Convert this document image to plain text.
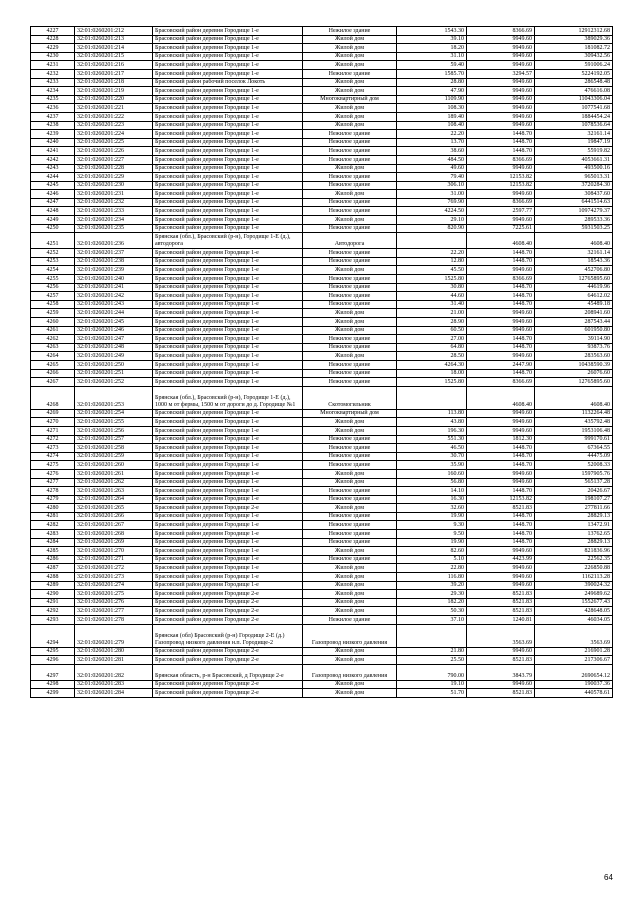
4227	32:01:0260201:212	Брасовский район деревня Городище 1-е	Нежилое здание	1543.30	8366.69	12912312.68
4228	32:01:0260201:213	Брасовский район деревня Городище 1-е	Жилой дом	39.10	9949.60	389029.36
4229	32:01:0260201:214	Брасовский район деревня Городище 1-е	Жилой дом	18.20	9949.60	181082.72
4230	32:01:0260201:215	Брасовский район деревня Городище 1-е	Жилой дом	31.10	9949.60	309432.56
4231	32:01:0260201:216	Брасовский район деревня Городище 1-е	Жилой дом	59.40	9949.60	591006.24
4232	32:01:0260201:217	Брасовский район деревня Городище 1-е	Нежилое здание	1585.70	3294.57	5224192.05
4233	32:01:0260201:218	Брасовский район рабочий поселок Локоть	Жилой дом	28.80	9949.60	286548.48
4234	32:01:0260201:219	Брасовский район деревня Городище 1-е	Жилой дом	47.90	9949.60	476616.08
4235	32:01:0260201:220	Брасовский район деревня Городище 1-е	Многоквартирный дом	1109.90	9949.60	11043306.04
4236	32:01:0260201:221	Брасовский район деревня Городище 1-е	Жилой дом	108.30	9949.60	1077541.68
4237	32:01:0260201:222	Брасовский район деревня Городище 1-е	Жилой дом	189.40	9949.60	1884454.24
4238	32:01:0260201:223	Брасовский район деревня Городище 1-е	Жилой дом	108.40	9949.60	1078536.64
4239	32:01:0260201:224	Брасовский район деревня Городище 1-е	Нежилое здание	22.20	1448.70	32161.14
4240	32:01:0260201:225	Брасовский район деревня Городище 1-е	Нежилое здание	13.70	1448.70	19847.19
4241	32:01:0260201:226	Брасовский район деревня Городище 1-е	Нежилое здание	38.60	1448.70	55919.82
4242	32:01:0260201:227	Брасовский район деревня Городище 1-е	Нежилое здание	484.50	8366.69	4053661.31
4243	32:01:0260201:228	Брасовский район деревня Городище 1-е	Жилой дом	49.60	9949.60	493500.16
4244	32:01:0260201:229	Брасовский район деревня Городище 1-е	Нежилое здание	79.40	12153.82	965013.31
4245	32:01:0260201:230	Брасовский район деревня Городище 1-е	Нежилое здание	306.10	12153.82	3720284.30
4246	32:01:0260201:231	Брасовский район деревня Городище 1-е	Жилой дом	31.00	9949.60	308437.60
4247	32:01:0260201:232	Брасовский район деревня Городище 1-е	Нежилое здание	769.90	8366.69	6441514.63
4248	32:01:0260201:233	Брасовский район деревня Городище 1-е	Нежилое здание	4224.50	2597.77	10974279.37
4249	32:01:0260201:234	Брасовский район деревня Городище 1-е	Жилой дом	29.10	9949.60	289533.36
4250	32:01:0260201:235	Брасовский район деревня Городище 1-е	Нежилое здание	820.90	7225.61	5931503.25
4251	32:01:0260201:236	Брянская (обл.), Брасовский (р-н), Городище 1-Е (д.), автодорога	Автодорога		4608.40	4608.40
4252	32:01:0260201:237	Брасовский район деревня Городище 1-е	Нежилое здание	22.20	1448.70	32161.14
4253	32:01:0260201:238	Брасовский район деревня Городище 1-е	Нежилое здание	12.80	1448.70	18543.36
4254	32:01:0260201:239	Брасовский район деревня Городище 1-е	Жилой дом	45.50	9949.60	452706.80
4255	32:01:0260201:240	Брасовский район деревня Городище 1-е	Нежилое здание	1525.80	8366.69	12765895.60
4256	32:01:0260201:241	Брасовский район деревня Городище 1-е	Нежилое здание	30.80	1448.70	44619.96
4257	32:01:0260201:242	Брасовский район деревня Городище 1-е	Нежилое здание	44.60	1448.70	64612.02
4258	32:01:0260201:243	Брасовский район деревня Городище 1-е	Нежилое здание	31.40	1448.70	45489.18
4259	32:01:0260201:244	Брасовский район деревня Городище 1-е	Жилой дом	21.00	9949.60	208941.60
4260	32:01:0260201:245	Брасовский район деревня Городище 1-е	Жилой дом	28.90	9949.60	287543.44
4261	32:01:0260201:246	Брасовский район деревня Городище 1-е	Жилой дом	60.50	9949.60	601950.80
4262	32:01:0260201:247	Брасовский район деревня Городище 1-е	Нежилое здание	27.00	1448.70	39114.90
4263	32:01:0260201:248	Брасовский район деревня Городище 1-е	Нежилое здание	64.80	1448.70	93873.76
4264	32:01:0260201:249	Брасовский район деревня Городище 1-е	Жилой дом	28.50	9949.60	283563.60
4265	32:01:0260201:250	Брасовский район деревня Городище 1-е	Нежилое здание	4264.30	2447.90	10438590.39
4266	32:01:0260201:251	Брасовский район деревня Городище 1-е	Нежилое здание	18.00	1448.70	26076.60
4267	32:01:0260201:252	Брасовский район деревня Городище 1-е	Нежилое здание	1525.80	8366.69	12765895.60
4268	32:01:0260201:253	Брянская (обл.), Брасовский (р-н), Городище 1-Е (д.), 1000 м от фермы, 1500 м от дороги до д. Городище №1	Скотомогильник		4608.40	4608.40
4269	32:01:0260201:254	Брасовский район деревня Городище 1-е	Многоквартирный дом	113.80	9949.60	1132264.48
4270	32:01:0260201:255	Брасовский район деревня Городище 1-е	Жилой дом	43.80	9949.60	435792.48
4271	32:01:0260201:256	Брасовский район деревня Городище 1-е	Жилой дом	196.30	9949.60	1953106.48
4272	32:01:0260201:257	Брасовский район деревня Городище 1-е	Нежилое здание	551.30	1812.30	999170.61
4273	32:01:0260201:258	Брасовский район деревня Городище 1-е	Нежилое здание	46.50	1448.70	67364.55
4274	32:01:0260201:259	Брасовский район деревня Городище 1-е	Нежилое здание	30.70	1448.70	44475.09
4275	32:01:0260201:260	Брасовский район деревня Городище 1-е	Нежилое здание	35.90	1448.70	52008.33
4276	32:01:0260201:261	Брасовский район деревня Городище 1-е	Жилой дом	160.60	9949.60	1597905.76
4277	32:01:0260201:262	Брасовский район деревня Городище 1-е	Жилой дом	56.80	9949.60	565137.28
4278	32:01:0260201:263	Брасовский район деревня Городище 1-е	Нежилое здание	14.10	1448.70	20426.67
4279	32:01:0260201:264	Брасовский район деревня Городище 1-е	Нежилое здание	16.30	12153.82	198107.27
4280	32:01:0260201:265	Брасовский район деревня Городище 2-е	Жилой дом	32.60	8521.83	277811.66
4281	32:01:0260201:266	Брасовский район деревня Городище 1-е	Нежилое здание	19.90	1448.70	28829.13
4282	32:01:0260201:267	Брасовский район деревня Городище 1-е	Нежилое здание	9.30	1448.70	13472.91
4283	32:01:0260201:268	Брасовский район деревня Городище 1-е	Нежилое здание	9.50	1448.70	13762.65
4284	32:01:0260201:269	Брасовский район деревня Городище 1-е	Нежилое здание	19.90	1448.70	28829.13
4285	32:01:0260201:270	Брасовский район деревня Городище 1-е	Жилой дом	82.60	9949.60	821836.96
4286	32:01:0260201:271	Брасовский район деревня Городище 1-е	Нежилое здание	5.10	4423.99	22562.35
4287	32:01:0260201:272	Брасовский район деревня Городище 1-е	Жилой дом	22.80	9949.60	226850.88
4288	32:01:0260201:273	Брасовский район деревня Городище 1-е	Жилой дом	116.80	9949.60	1162113.28
4289	32:01:0260201:274	Брасовский район деревня Городище 1-е	Жилой дом	39.20	9949.60	390024.32
4290	32:01:0260201:275	Брасовский район деревня Городище 2-е	Жилой дом	29.30	8521.83	249689.62
4291	32:01:0260201:276	Брасовский район деревня Городище 2-е	Жилой дом	182.20	8521.83	1552677.43
4292	32:01:0260201:277	Брасовский район деревня Городище 2-е	Жилой дом	50.30	8521.83	428648.05
4293	32:01:0260201:278	Брасовский район деревня Городище 2-е	Нежилое здание	37.10	1240.81	46034.05
4294	32:01:0260201:279	Брянская (обл) Брасовский (р-н) Городище 2-Е (д.) Газопровод низкого давления н.п. Городище-2	Газопровод низкого давления		3563.69	3563.69
4295	32:01:0260201:280	Брасовский район деревня Городище 2-е	Жилой дом	21.80	9949.60	216901.28
4296	32:01:0260201:281	Брасовский район деревня Городище 2-е	Жилой дом	25.50	8521.83	217306.67
4297	32:01:0260201:282	Брянская область, р-н Брасовский, д Городище 2-е	Газопровод низкого давления	790.00	3843.79	2690654.12
4298	32:01:0260201:283	Брасовский район деревня Городище 2-е	Жилой дом	19.10	9949.60	190037.36
4299	32:01:0260201:284	Брасовский район деревня Городище 2-е	Жилой дом	51.70	8521.83	440578.61
64
